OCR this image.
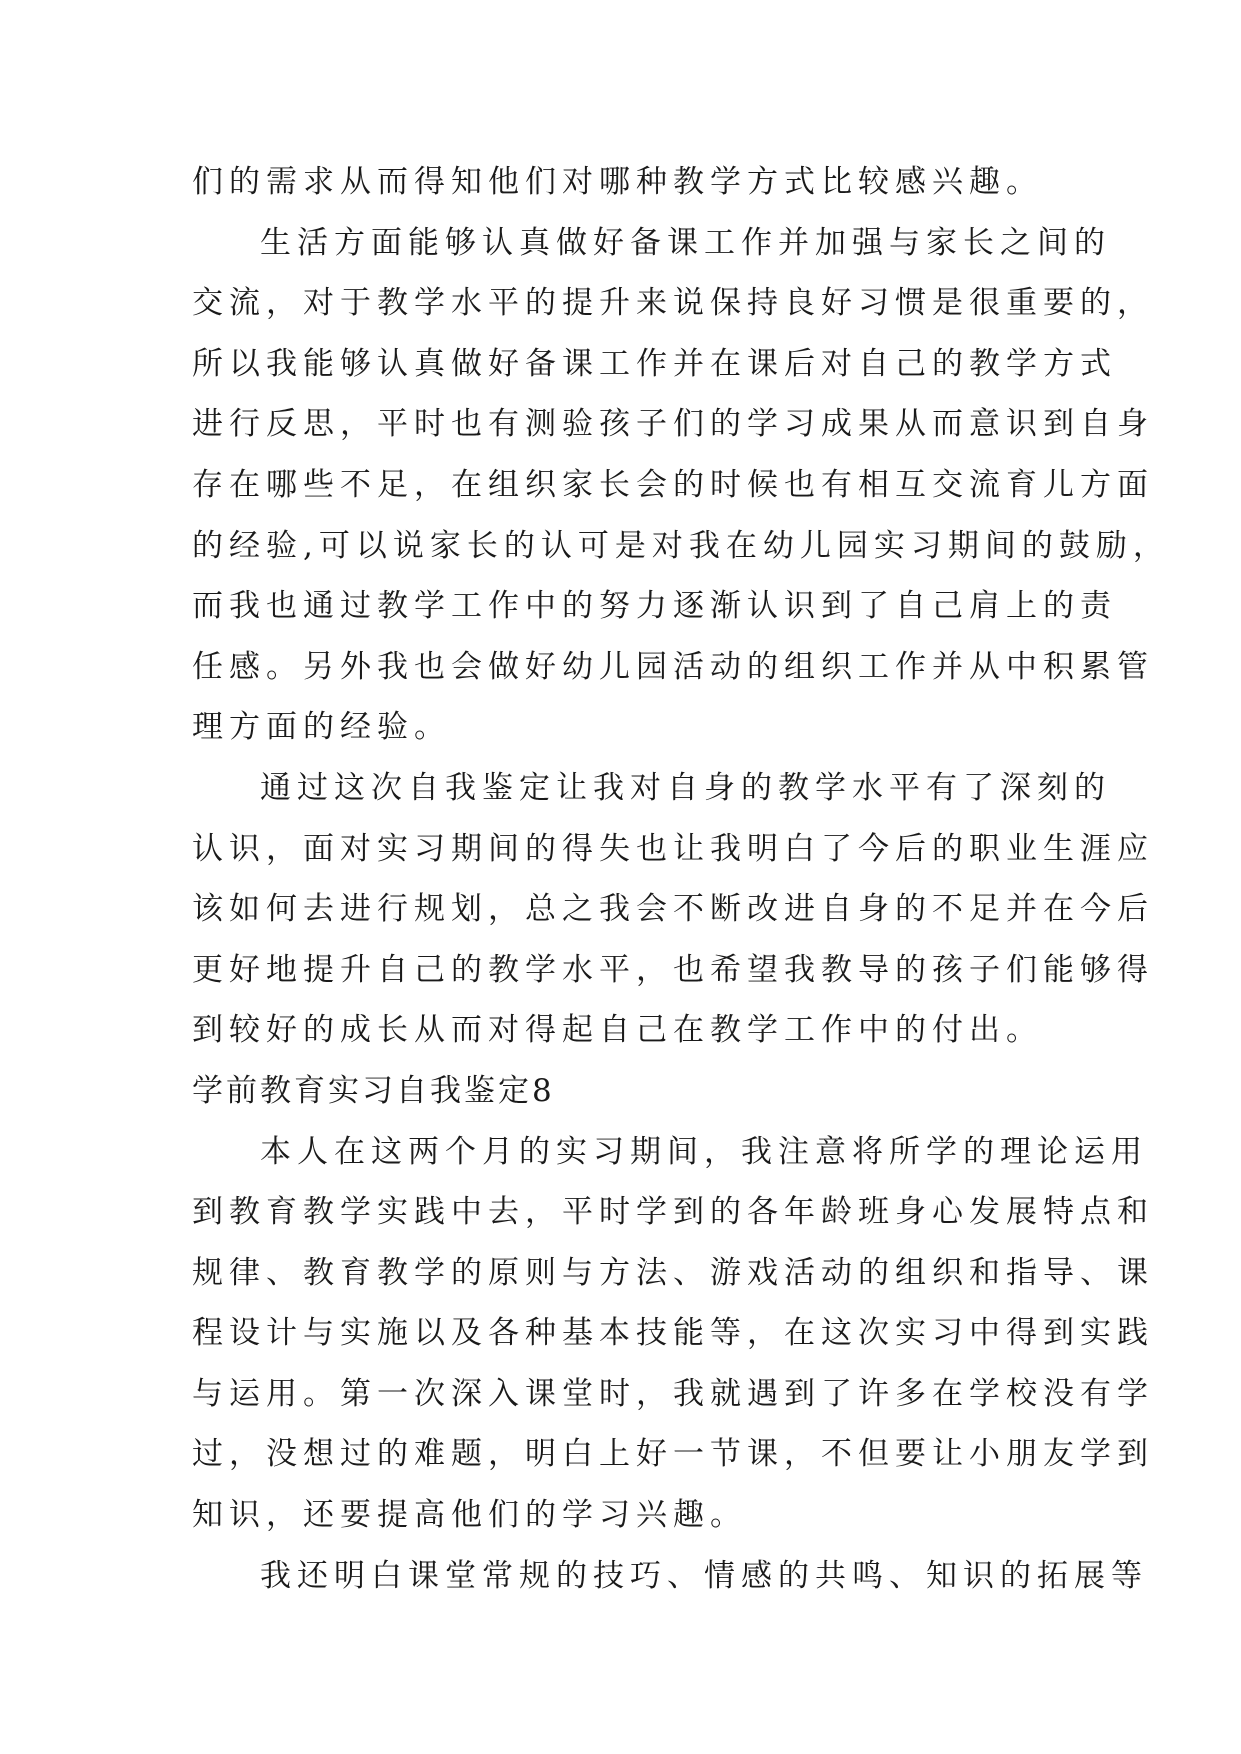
们的需求从而得知他们对哪种教学方式比较感兴趣。
生活方面能够认真做好备课工作并加强与家长之间的
交流，对于教学水平的提升来说保持良好习惯是很重要的，
所以我能够认真做好备课工作并在课后对自己的教学方式
进行反思，平时也有测验孩子们的学习成果从而意识到自身
存在哪些不足，在组织家长会的时候也有相互交流育儿方面
的经验,可以说家长的认可是对我在幼儿园实习期间的鼓励，
而我也通过教学工作中的努力逐渐认识到了自己肩上的责
任感。另外我也会做好幼儿园活动的组织工作并从中积累管
理方面的经验。
通过这次自我鉴定让我对自身的教学水平有了深刻的
认识，面对实习期间的得失也让我明白了今后的职业生涯应
该如何去进行规划，总之我会不断改进自身的不足并在今后
更好地提升自己的教学水平，也希望我教导的孩子们能够得
到较好的成长从而对得起自己在教学工作中的付出。
学前教育实习自我鉴定8
本人在这两个月的实习期间，我注意将所学的理论运用
到教育教学实践中去，平时学到的各年龄班身心发展特点和
规律、教育教学的原则与方法、游戏活动的组织和指导、课
程设计与实施以及各种基本技能等，在这次实习中得到实践
与运用。第一次深入课堂时，我就遇到了许多在学校没有学
过，没想过的难题，明白上好一节课，不但要让小朋友学到
知识，还要提高他们的学习兴趣。
我还明白课堂常规的技巧、情感的共鸣、知识的拓展等
